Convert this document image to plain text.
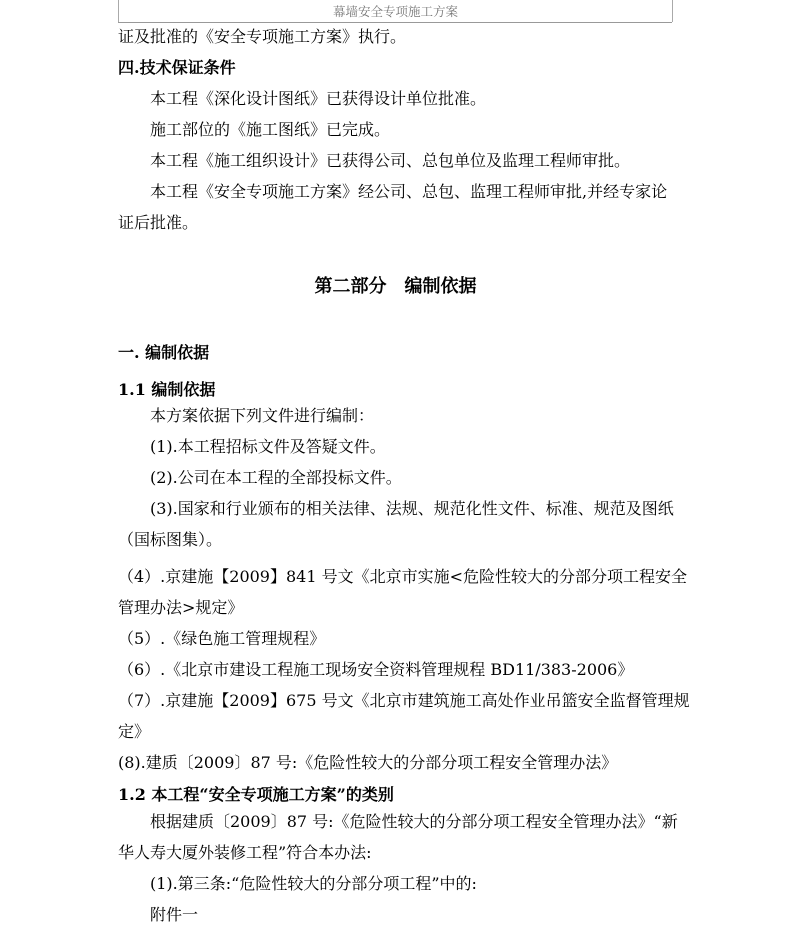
幕墙安全专项施工方案
证及批准的《安全专项施工方案》执行。
四.技术保证条件
本工程《深化设计图纸》已获得设计单位批准。
施工部位的《施工图纸》已完成。
本工程《施工组织设计》已获得公司、总包单位及监理工程师审批。
本工程《安全专项施工方案》经公司、总包、监理工程师审批,并经专家论
证后批准。
第二部分　编制依据
一. 编制依据
1.1 编制依据
本方案依据下列文件进行编制：
(1).本工程招标文件及答疑文件。
(2).公司在本工程的全部投标文件。
(3).国家和行业颁布的相关法律、法规、规范化性文件、标准、规范及图纸
（国标图集）。
（4）.京建施【2009】841 号文《北京市实施<危险性较大的分部分项工程安全
管理办法>规定》
（5）.《绿色施工管理规程》
（6）.《北京市建设工程施工现场安全资料管理规程 BD11/383-2006》
（7）.京建施【2009】675 号文《北京市建筑施工高处作业吊篮安全监督管理规
定》
(8).建质〔2009〕87 号:《危险性较大的分部分项工程安全管理办法》
1.2 本工程“安全专项施工方案”的类别
根据建质〔2009〕87 号:《危险性较大的分部分项工程安全管理办法》“新
华人寿大厦外装修工程”符合本办法:
(1).第三条:“危险性较大的分部分项工程”中的:
附件一
